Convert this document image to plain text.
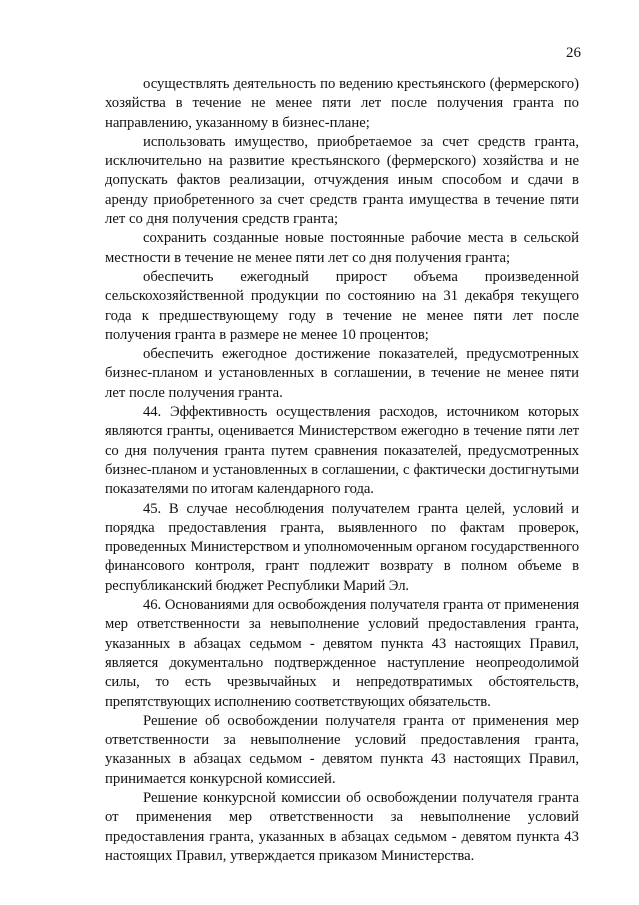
26

осуществлять деятельность по ведению крестьянского (фермерского) хозяйства в течение не менее пяти лет после получения гранта по направлению, указанному в бизнес-плане;

использовать имущество, приобретаемое за счет средств гранта, исключительно на развитие крестьянского (фермерского) хозяйства и не допускать фактов реализации, отчуждения иным способом и сдачи в аренду приобретенного за счет средств гранта имущества в течение пяти лет со дня получения средств гранта;

сохранить созданные новые постоянные рабочие места в сельской местности в течение не менее пяти лет со дня получения гранта;

обеспечить ежегодный прирост объема произведенной сельскохозяйственной продукции по состоянию на 31 декабря текущего года к предшествующему году в течение не менее пяти лет после получения гранта в размере не менее 10 процентов;

обеспечить ежегодное достижение показателей, предусмотренных бизнес-планом и установленных в соглашении, в течение не менее пяти лет после получения гранта.

44. Эффективность осуществления расходов, источником которых являются гранты, оценивается Министерством ежегодно в течение пяти лет со дня получения гранта путем сравнения показателей, предусмотренных бизнес-планом и установленных в соглашении, с фактически достигнутыми показателями по итогам календарного года.

45. В случае несоблюдения получателем гранта целей, условий и порядка предоставления гранта, выявленного по фактам проверок, проведенных Министерством и уполномоченным органом государственного финансового контроля, грант подлежит возврату в полном объеме в республиканский бюджет Республики Марий Эл.

46. Основаниями для освобождения получателя гранта от применения мер ответственности за невыполнение условий предоставления гранта, указанных в абзацах седьмом - девятом пункта 43 настоящих Правил, является документально подтвержденное наступление неопреодолимой силы, то есть чрезвычайных и непредотвратимых обстоятельств, препятствующих исполнению соответствующих обязательств.

Решение об освобождении получателя гранта от применения мер ответственности за невыполнение условий предоставления гранта, указанных в абзацах седьмом - девятом пункта 43 настоящих Правил, принимается конкурсной комиссией.

Решение конкурсной комиссии об освобождении получателя гранта от применения мер ответственности за невыполнение условий предоставления гранта, указанных в абзацах седьмом - девятом пункта 43 настоящих Правил, утверждается приказом Министерства.
